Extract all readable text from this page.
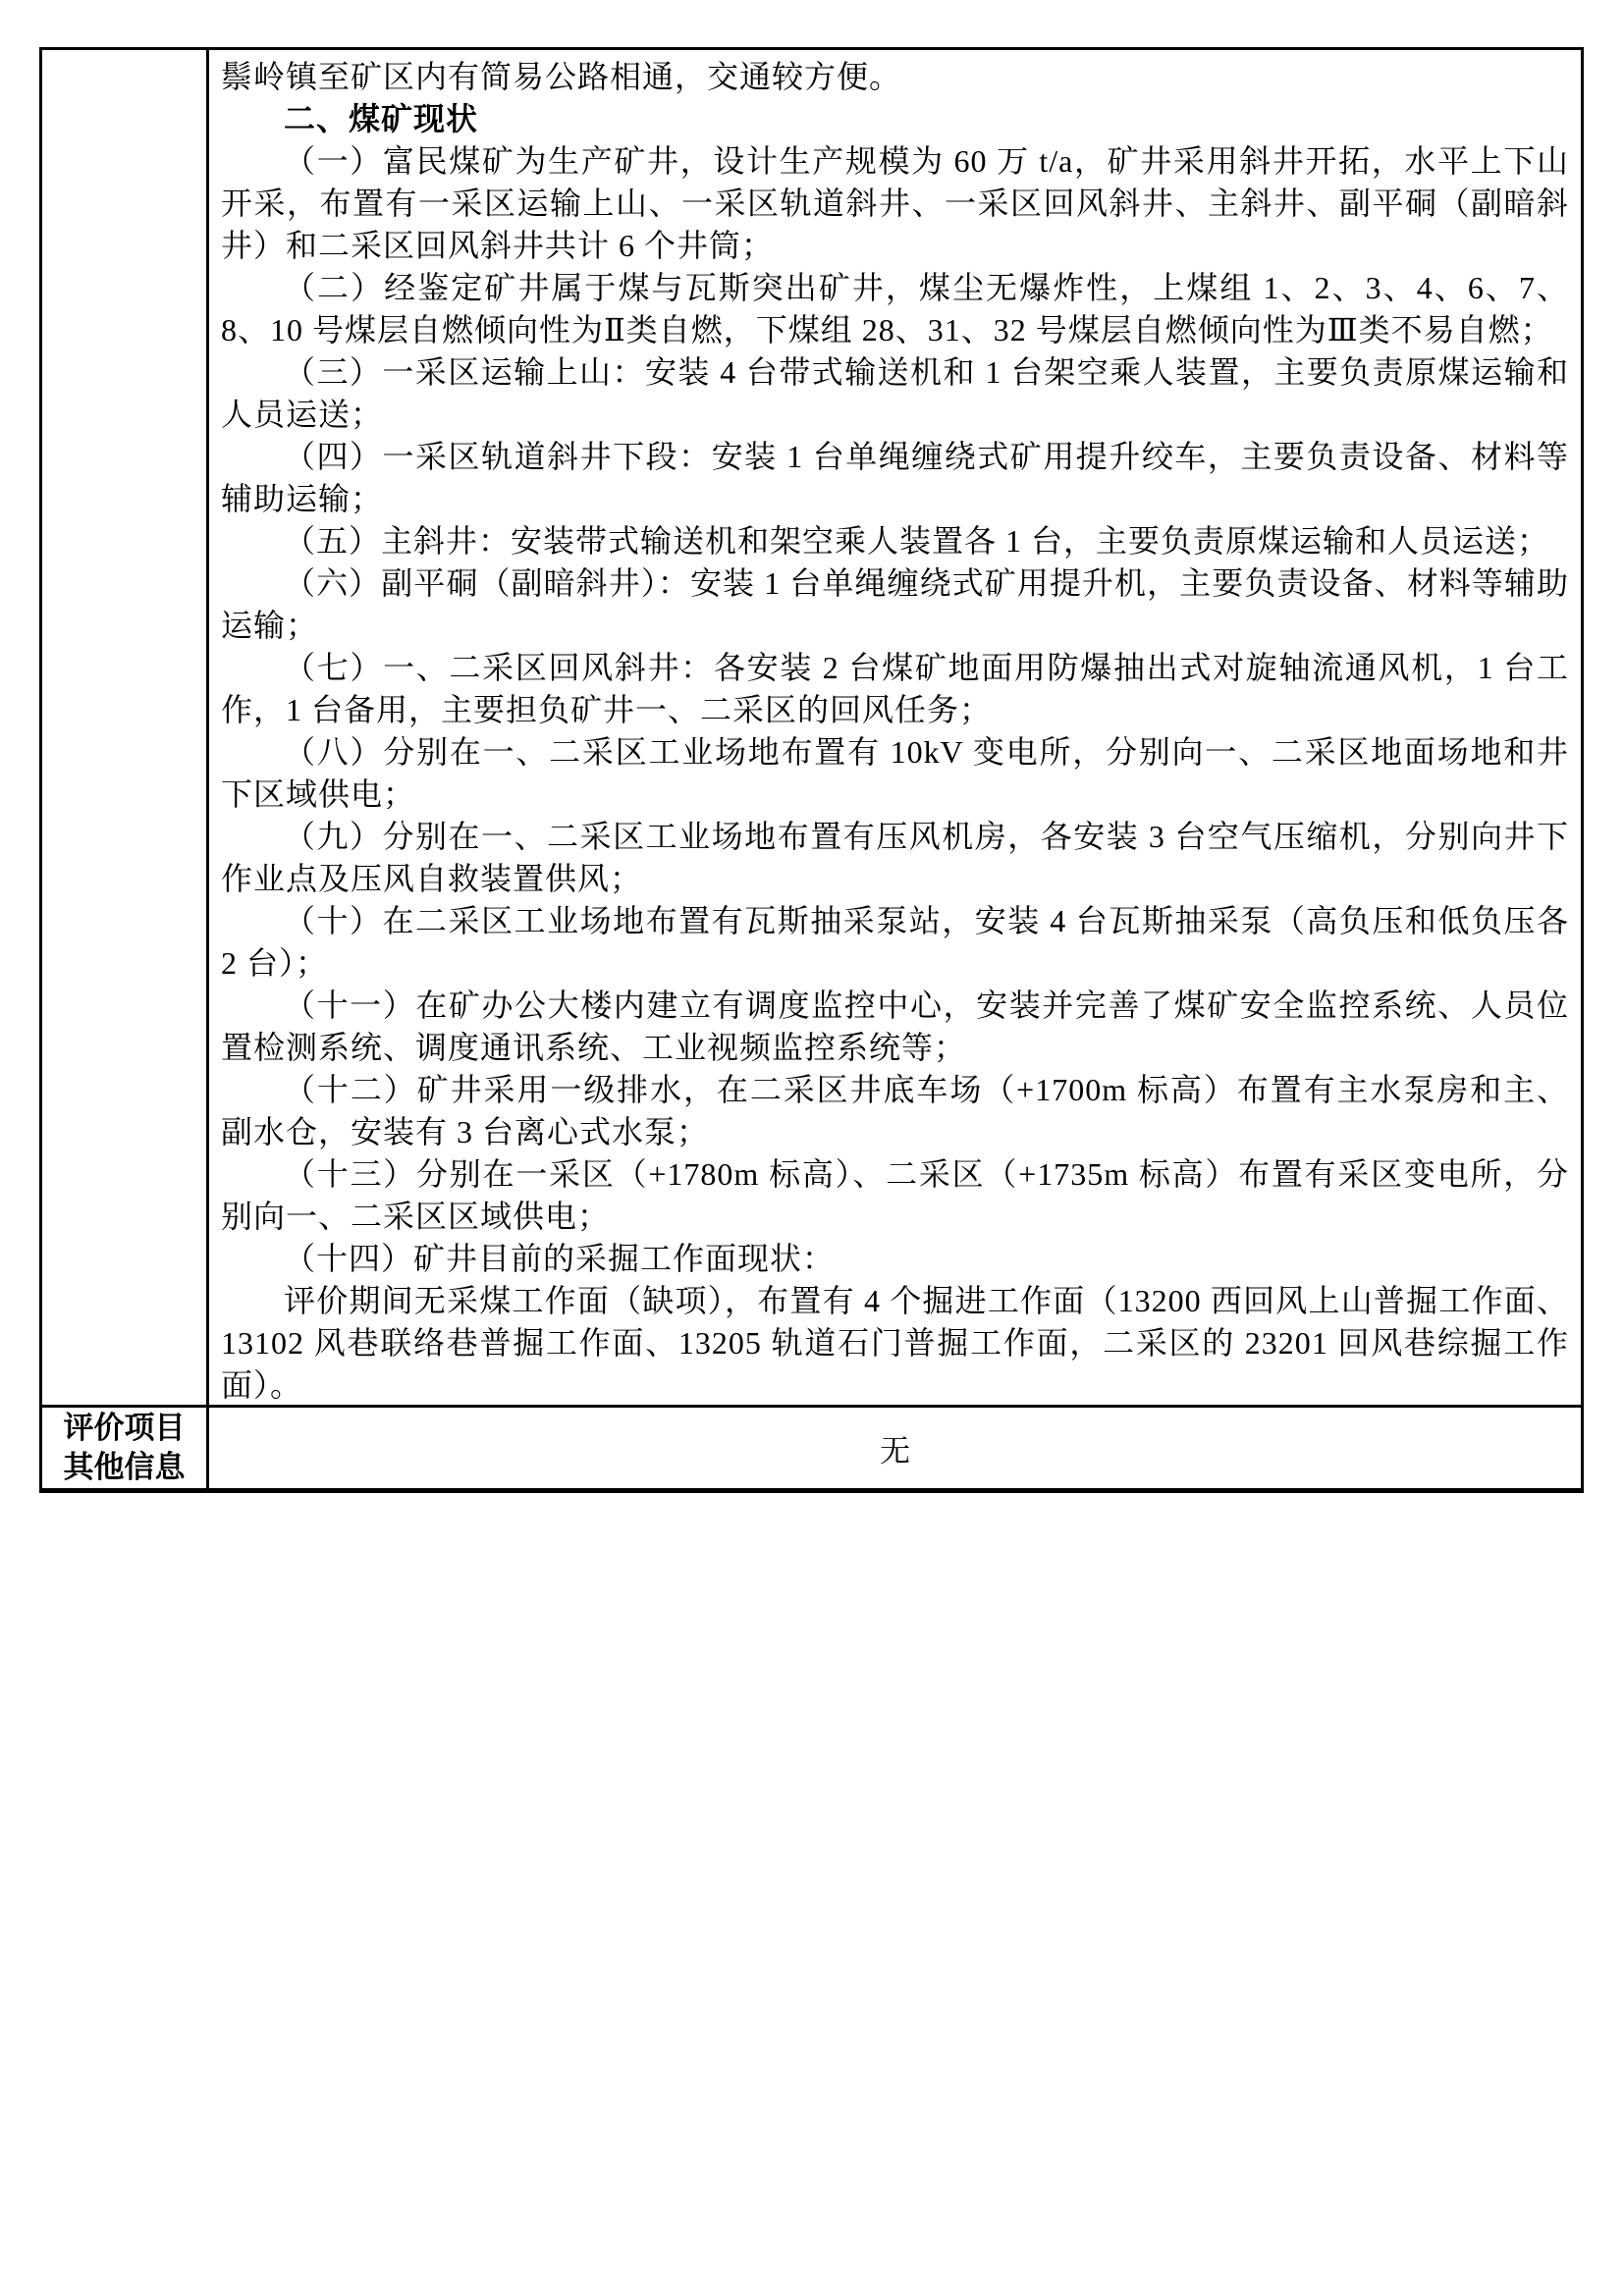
鬃岭镇至矿区内有简易公路相通，交通较方便。

二、煤矿现状

（一）富民煤矿为生产矿井，设计生产规模为 60 万 t/a，矿井采用斜井开拓，水平上下山开采，布置有一采区运输上山、一采区轨道斜井、一采区回风斜井、主斜井、副平硐（副暗斜井）和二采区回风斜井共计 6 个井筒；

（二）经鉴定矿井属于煤与瓦斯突出矿井，煤尘无爆炸性，上煤组 1、2、3、4、6、7、8、10 号煤层自燃倾向性为Ⅱ类自燃，下煤组 28、31、32 号煤层自燃倾向性为Ⅲ类不易自燃；

（三）一采区运输上山：安装 4 台带式输送机和 1 台架空乘人装置，主要负责原煤运输和人员运送；

（四）一采区轨道斜井下段：安装 1 台单绳缠绕式矿用提升绞车，主要负责设备、材料等辅助运输；

（五）主斜井：安装带式输送机和架空乘人装置各 1 台，主要负责原煤运输和人员运送；

（六）副平硐（副暗斜井）：安装 1 台单绳缠绕式矿用提升机，主要负责设备、材料等辅助运输；

（七）一、二采区回风斜井：各安装 2 台煤矿地面用防爆抽出式对旋轴流通风机，1 台工作，1 台备用，主要担负矿井一、二采区的回风任务；

（八）分别在一、二采区工业场地布置有 10kV 变电所，分别向一、二采区地面场地和井下区域供电；

（九）分别在一、二采区工业场地布置有压风机房，各安装 3 台空气压缩机，分别向井下作业点及压风自救装置供风；

（十）在二采区工业场地布置有瓦斯抽采泵站，安装 4 台瓦斯抽采泵（高负压和低负压各 2 台）；

（十一）在矿办公大楼内建立有调度监控中心，安装并完善了煤矿安全监控系统、人员位置检测系统、调度通讯系统、工业视频监控系统等；

（十二）矿井采用一级排水，在二采区井底车场（+1700m 标高）布置有主水泵房和主、副水仓，安装有 3 台离心式水泵；

（十三）分别在一采区（+1780m 标高）、二采区（+1735m 标高）布置有采区变电所，分别向一、二采区区域供电；

（十四）矿井目前的采掘工作面现状：

评价期间无采煤工作面（缺项），布置有 4 个掘进工作面（13200 西回风上山普掘工作面、13102 风巷联络巷普掘工作面、13205 轨道石门普掘工作面，二采区的 23201 回风巷综掘工作面）。

评价项目
其他信息	无
